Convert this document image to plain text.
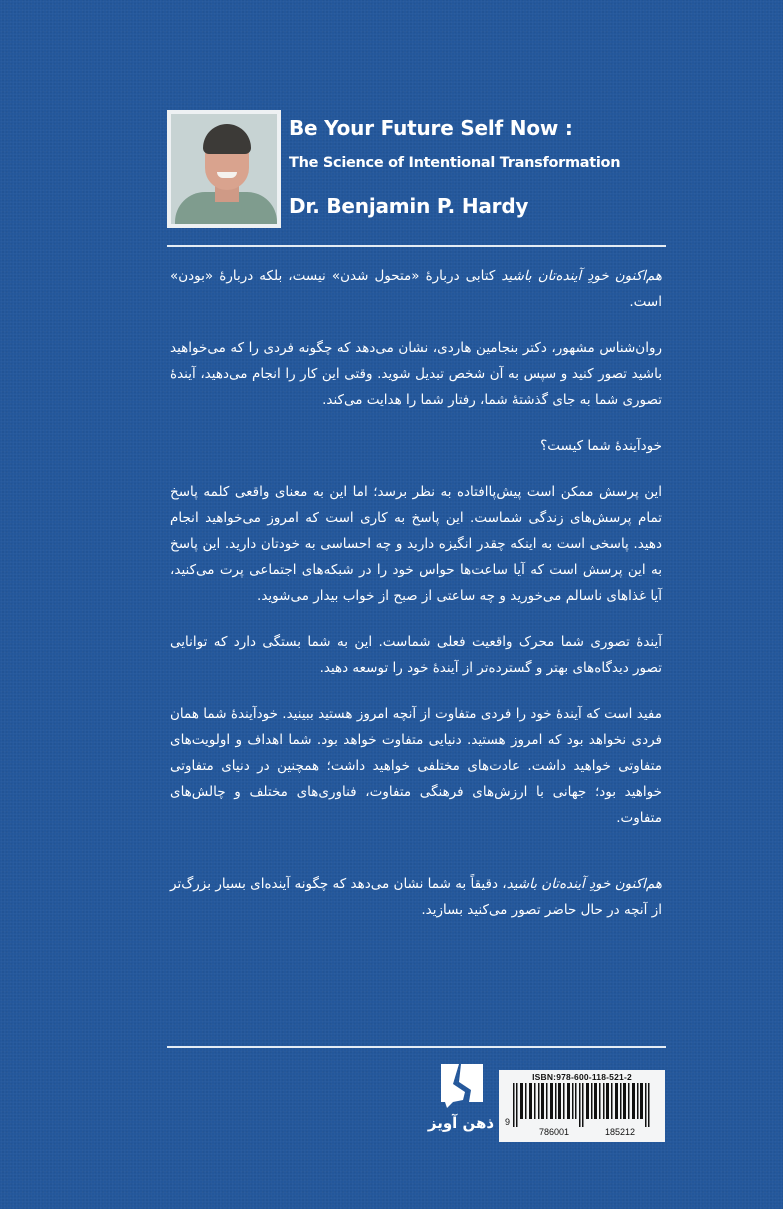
Be Your Future Self Now :
The Science of Intentional Transformation
Dr. Benjamin P. Hardy

هم‌اکنون خودِ آینده‌تان باشید کتابی دربارهٔ «متحول شدن» نیست، بلکه دربارهٔ «بودن» است.

روان‌شناس مشهور، دکتر بنجامین هاردی، نشان می‌دهد که چگونه فردی را که می‌خواهید باشید تصور کنید و سپس به آن شخص تبدیل شوید. وقتی این کار را انجام می‌دهید، آیندهٔ تصوری شما به جای گذشتهٔ شما، رفتار شما را هدایت می‌کند.

خودآیندهٔ شما کیست؟

این پرسش ممکن است پیش‌پاافتاده به نظر برسد؛ اما این به معنای واقعی کلمه پاسخ تمام پرسش‌های زندگی شماست. این پاسخ به کاری است که امروز می‌خواهید انجام دهید. پاسخی است به اینکه چقدر انگیزه دارید و چه احساسی به خودتان دارید. این پاسخ به این پرسش است که آیا ساعت‌ها حواس خود را در شبکه‌های اجتماعی پرت می‌کنید، آیا غذاهای ناسالم می‌خورید و چه ساعتی از صبح از خواب بیدار می‌شوید.

آیندهٔ تصوری شما محرک واقعیت فعلی شماست. این به شما بستگی دارد که توانایی تصور دیدگاه‌های بهتر و گسترده‌تر از آیندهٔ خود را توسعه دهید.

مفید است که آیندهٔ خود را فردی متفاوت از آنچه امروز هستید ببینید. خودآیندهٔ شما همان فردی نخواهد بود که امروز هستید. دنیایی متفاوت خواهد بود. شما اهداف و اولویت‌های متفاوتی خواهید داشت. عادت‌های مختلفی خواهید داشت؛ همچنین در دنیای متفاوتی خواهید بود؛ جهانی با ارزش‌های فرهنگی متفاوت، فناوری‌های مختلف و چالش‌های متفاوت.

هم‌اکنون خودِ آینده‌تان باشید، دقیقاً به شما نشان می‌دهد که چگونه آینده‌ای بسیار بزرگ‌تر از آنچه در حال حاضر تصور می‌کنید بسازید.

ذهن آویز
ISBN:978-600-118-521-2
9
786001	185212
